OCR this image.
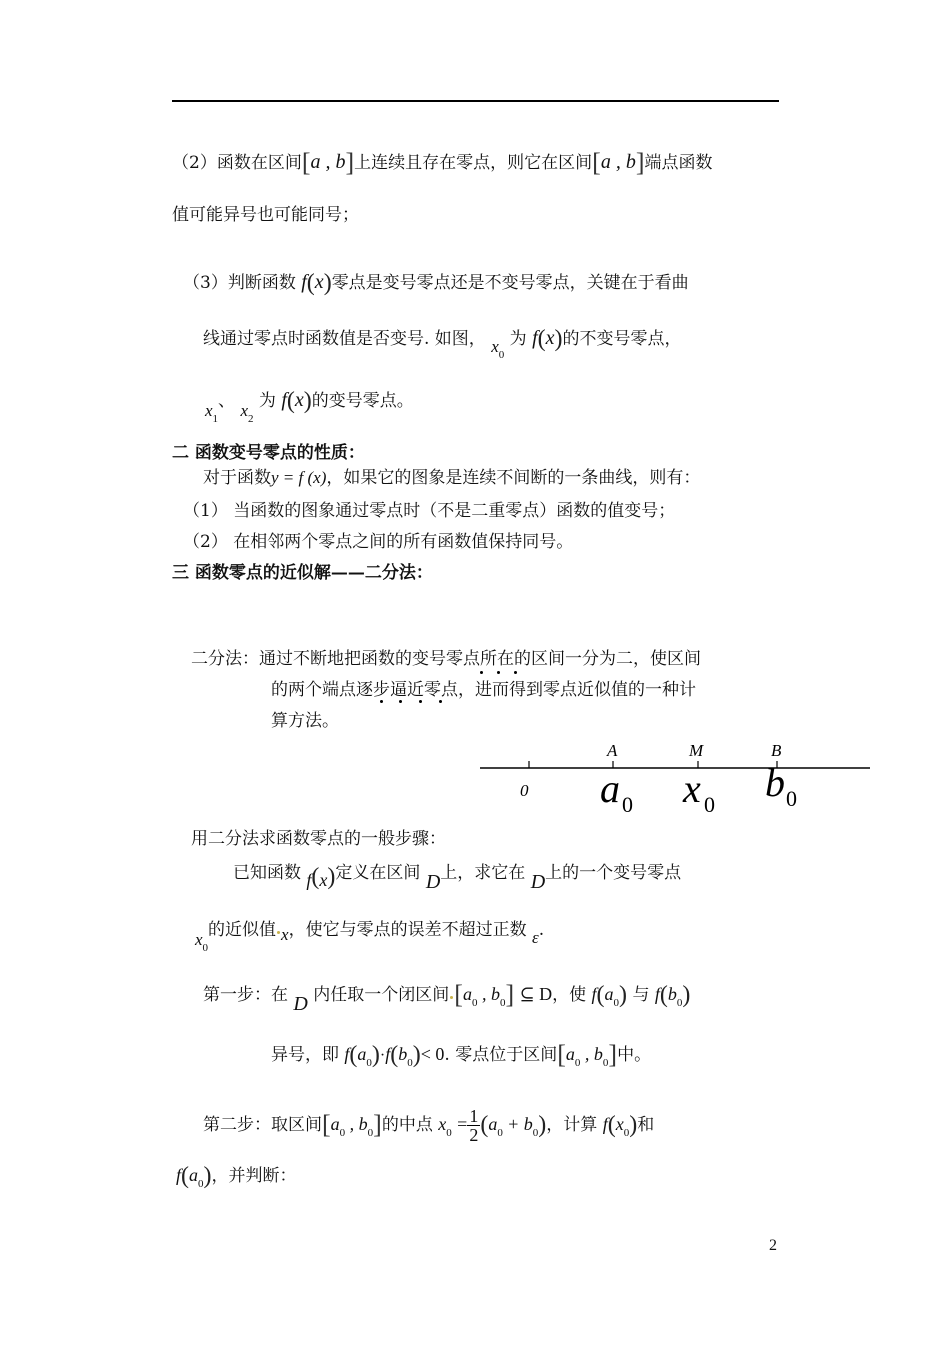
（2）函数在区间[a , b]上连续且存在零点，则它在区间[a , b]端点函数
值可能异号也可能同号；
（3）判断函数 f(x)零点是变号零点还是不变号零点，关键在于看曲
线通过零点时函数值是否变号. 如图， $x_0$ 为 f(x)的不变号零点，
$x_1$、 $x_2$ 为 f(x)的变号零点。
二 函数变号零点的性质：
对于函数y = f (x)，如果它的图象是连续不间断的一条曲线，则有：
（1） 当函数的图象通过零点时（不是二重零点）函数的值变号；
（2） 在相邻两个零点之间的所有函数值保持同号。
三 函数零点的近似解——二分法：
二分法：通过不断地把函数的变号零点所在的区间一分为二，使区间
的两个端点逐步逼近零点，进而得到零点近似值的一种计
算方法。
A	M	B
0 a 0 x 0 b 0
用二分法求函数零点的一般步骤：
已知函数 f(x)定义在区间 D上，求它在 D上的一个变号零点
$x_0$的近似值 x，使它与零点的误差不超过正数 ε.
第一步：在 D 内任取一个闭区间 [$a_0$ , $b_0$] ⊆ D，使 $f(a_0)$ 与 $f(b_0)$
异号，即 $f(a_0)\cdot f(b_0)< 0$. 零点位于区间[$a_0$ , $b_0$]中。
第二步：取区间[$a_0$ , $b_0$]的中点 $x_0 = \frac{1}{2} (a_0 + b_0)$，计算 $f(x_0)$和
$f(a_0)$，并判断：
2
